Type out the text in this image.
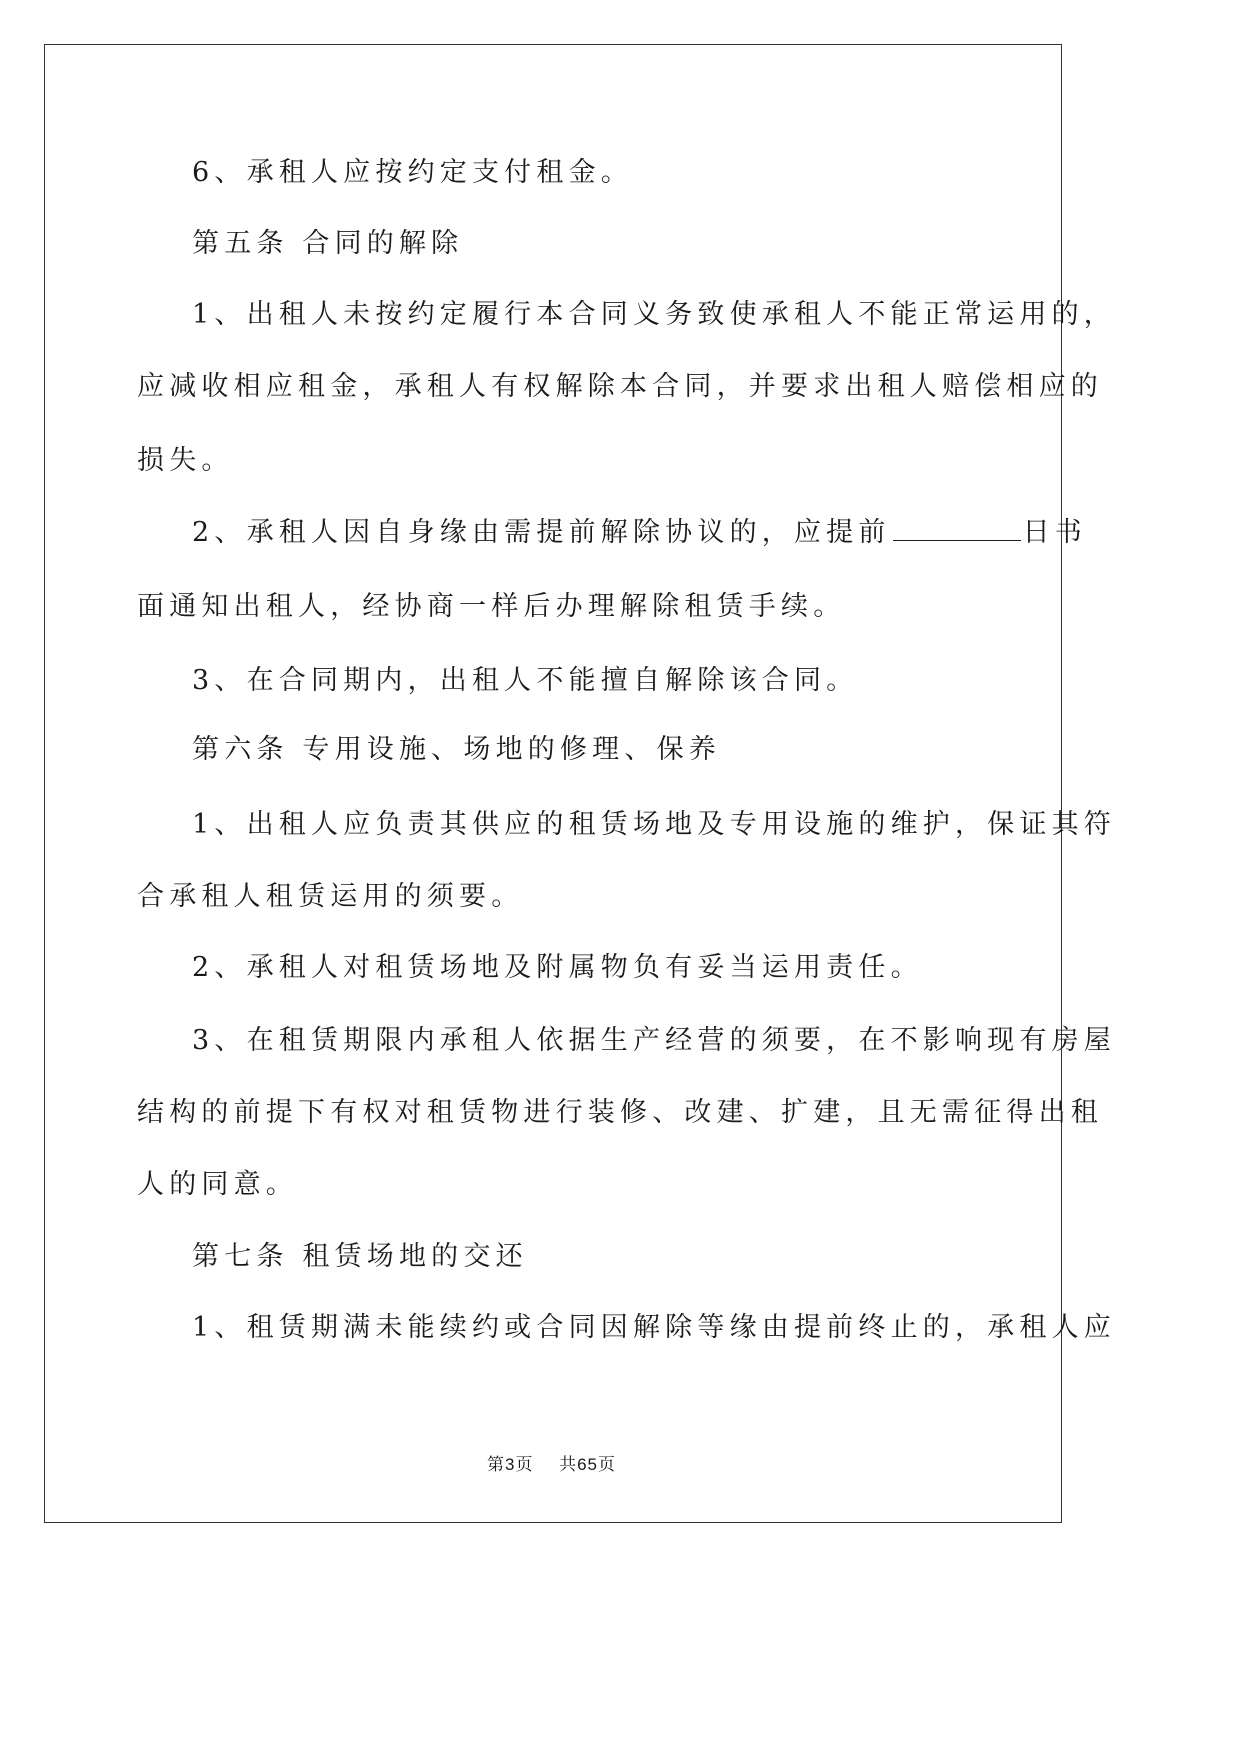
6、承租人应按约定支付租金。
第五条 合同的解除
1、出租人未按约定履行本合同义务致使承租人不能正常运用的，
应减收相应租金，承租人有权解除本合同，并要求出租人赔偿相应的
损失。
2、承租人因自身缘由需提前解除协议的，应提前	日书
面通知出租人，经协商一样后办理解除租赁手续。
3、在合同期内，出租人不能擅自解除该合同。
第六条 专用设施、场地的修理、保养
1、出租人应负责其供应的租赁场地及专用设施的维护，保证其符
合承租人租赁运用的须要。
2、承租人对租赁场地及附属物负有妥当运用责任。
3、在租赁期限内承租人依据生产经营的须要，在不影响现有房屋
结构的前提下有权对租赁物进行装修、改建、扩建，且无需征得出租
人的同意。
第七条 租赁场地的交还
1、租赁期满未能续约或合同因解除等缘由提前终止的，承租人应
第3页 共65页
